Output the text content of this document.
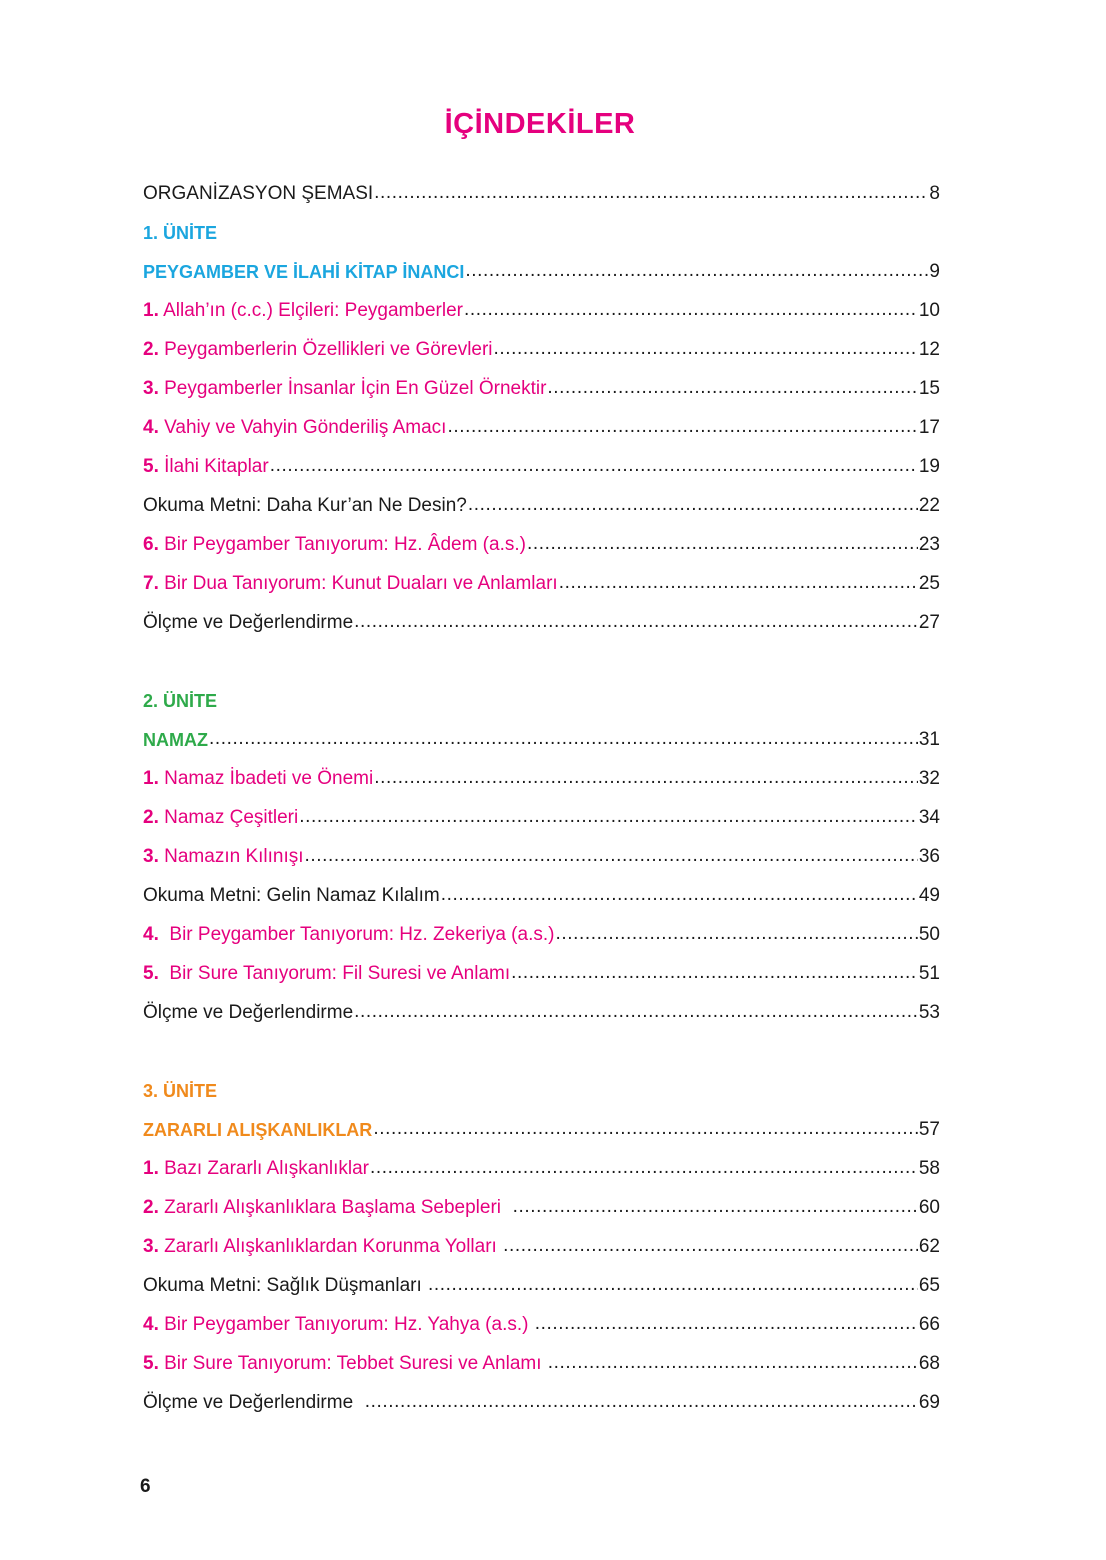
İÇİNDEKİLER
ORGANİZASYON ŞEMASI .....	8
1. ÜNİTE
PEYGAMBER VE İLAHİ KİTAP İNANCI .....	9
1. Allah’ın (c.c.) Elçileri: Peygamberler .....	10
2. Peygamberlerin Özellikleri ve Görevleri .....	12
3. Peygamberler İnsanlar İçin En Güzel Örnektir .....	15
4. Vahiy ve Vahyin Gönderiliş Amacı .....	17
5. İlahi Kitaplar .....	19
Okuma Metni: Daha Kur’an Ne Desin? .....	22
6. Bir Peygamber Tanıyorum: Hz. Âdem (a.s.) .....	23
7. Bir Dua Tanıyorum: Kunut Duaları ve Anlamları .....	25
Ölçme ve Değerlendirme .....	27
2. ÜNİTE
NAMAZ .....	31
1. Namaz İbadeti ve Önemi .....	32
2. Namaz Çeşitleri .....	34
3. Namazın Kılınışı .....	36
Okuma Metni: Gelin Namaz Kılalım .....	49
4.  Bir Peygamber Tanıyorum: Hz. Zekeriya (a.s.) .....	50
5.  Bir Sure Tanıyorum: Fil Suresi ve Anlamı .....	51
Ölçme ve Değerlendirme .....	53
3. ÜNİTE
ZARARLI ALIŞKANLIKLAR .....	57
1. Bazı Zararlı Alışkanlıklar .....	58
2. Zararlı Alışkanlıklara Başlama Sebepleri .....	60
3. Zararlı Alışkanlıklardan Korunma Yolları .....	62
Okuma Metni: Sağlık Düşmanları .....	65
4. Bir Peygamber Tanıyorum: Hz. Yahya (a.s.) .....	66
5. Bir Sure Tanıyorum: Tebbet Suresi ve Anlamı .....	68
Ölçme ve Değerlendirme .....	69
6
